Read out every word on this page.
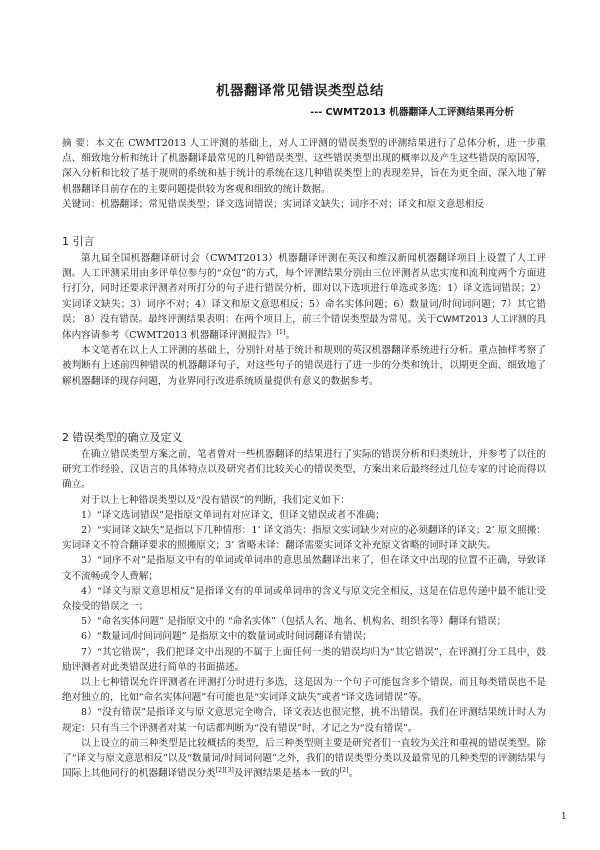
机器翻译常见错误类型总结
--- CWMT2013 机器翻译人工评测结果再分析
摘 要：本文在 CWMT2013 人工评测的基础上，对人工评测的错误类型的评测结果进行了总体分析，进一步重点、细致地分析和统计了机器翻译最常见的几种错误类型、这些错误类型出现的概率以及产生这些错误的原因等，深入分析和比较了基于规则的系统和基于统计的系统在这几种错误类型上的表现差异，旨在为更全面、深入地了解机器翻译目前存在的主要问题提供较为客观和细致的统计数据。
关键词：机器翻译；常见错误类型；译文选词错误；实词译文缺失；词序不对；译文和原文意思相反
1 引言

第九届全国机器翻译研讨会（CWMT2013）机器翻译评测在英汉和维汉新闻机器翻译项目上设置了人工评测。人工评测采用由多评单位参与的“众包”的方式，每个评测结果分别由三位评测者从忠实度和流利度两个方面进行打分，同时还要求评测者对所打分的句子进行错误分析，即对以下选项进行单选或多选：1）译文选词错误；2）实词译文缺失；3）词序不对；4）译文和原文意思相反；5）命名实体问题；6）数量词/时间词问题；7）其它错误； 8）没有错误。最终评测结果表明：在两个项目上，前三个错误类型最为常见。关于CWMT2013 人工评测的具体内容请参考《CWMT2013 机器翻译评测报告》[1]。

本文笔者在以上人工评测的基础上，分别针对基于统计和规则的英汉机器翻译系统进行分析。重点抽样考察了被判断有上述前四种错误的机器翻译句子，对这些句子的错误进行了进一步的分类和统计，以期更全面、细致地了解机器翻译的现存问题，为业界同行改进系统质量提供有意义的数据参考。

2 错误类型的确立及定义

在确立错误类型方案之前，笔者曾对一些机器翻译的结果进行了实际的错误分析和归类统计，并参考了以往的研究工作经验、汉语言的具体特点以及研究者们比较关心的错误类型，方案出来后最终经过几位专家的讨论而得以确立。

对于以上七种错误类型以及“没有错误”的判断，我们定义如下：

1）“译文选词错误”是指原文单词有对应译文，但译文错误或者不准确；

2）“实词译文缺失”是指以下几种情形：1’ 译文消失：指原文实词缺少对应的必须翻译的译文；2’ 原文照搬：实词译文不符合翻译要求的照搬原文；3’ 省略未译：翻译需要实词译文补充原文省略的词时译文缺失。

3）“词序不对”是指原文中有的单词或单词串的意思虽然翻译出来了，但在译文中出现的位置不正确，导致译文不流畅或令人费解；

4）“译文与原文意思相反”是指译文有的单词或单词串的含义与原文完全相反，这是在信息传递中最不能让受众接受的错误之一；

5）“命名实体问题” 是指原文中的 “命名实体”（包括人名、地名、机构名、组织名等）翻译有错误；

6）“数量词/时间词问题” 是指原文中的数量词或时间词翻译有错误；

7）“其它错误”，我们把译文中出现的不属于上面任何一类的错误均归为“其它错误”，在评测打分工具中，鼓励评测者对此类错误进行简单的书面描述。

以上七种错误允许评测者在评测打分时进行多选，这是因为一个句子可能包含多个错误，而且每类错误也不是绝对独立的，比如“命名实体问题”有可能也是“实词译文缺失”或者“译文选词错误”等。

8）“没有错误”是指译文与原文意思完全吻合，译文表达也很完整，挑不出错误。我们在评测结果统计时人为规定：只有当三个评测者对某一句话都判断为“没有错误”时，才记之为“没有错误”。

以上设立的前三种类型是比较概括的类型，后三种类型则主要是研究者们一直较为关注和重视的错误类型。除了“译文与原文意思相反”以及“数量词/时间词问题”之外，我们的错误类型分类以及最常见的几种类型的评测结果与国际上其他同行的机器翻译错误分类[2][3]及评测结果是基本一致的[2]。

1
